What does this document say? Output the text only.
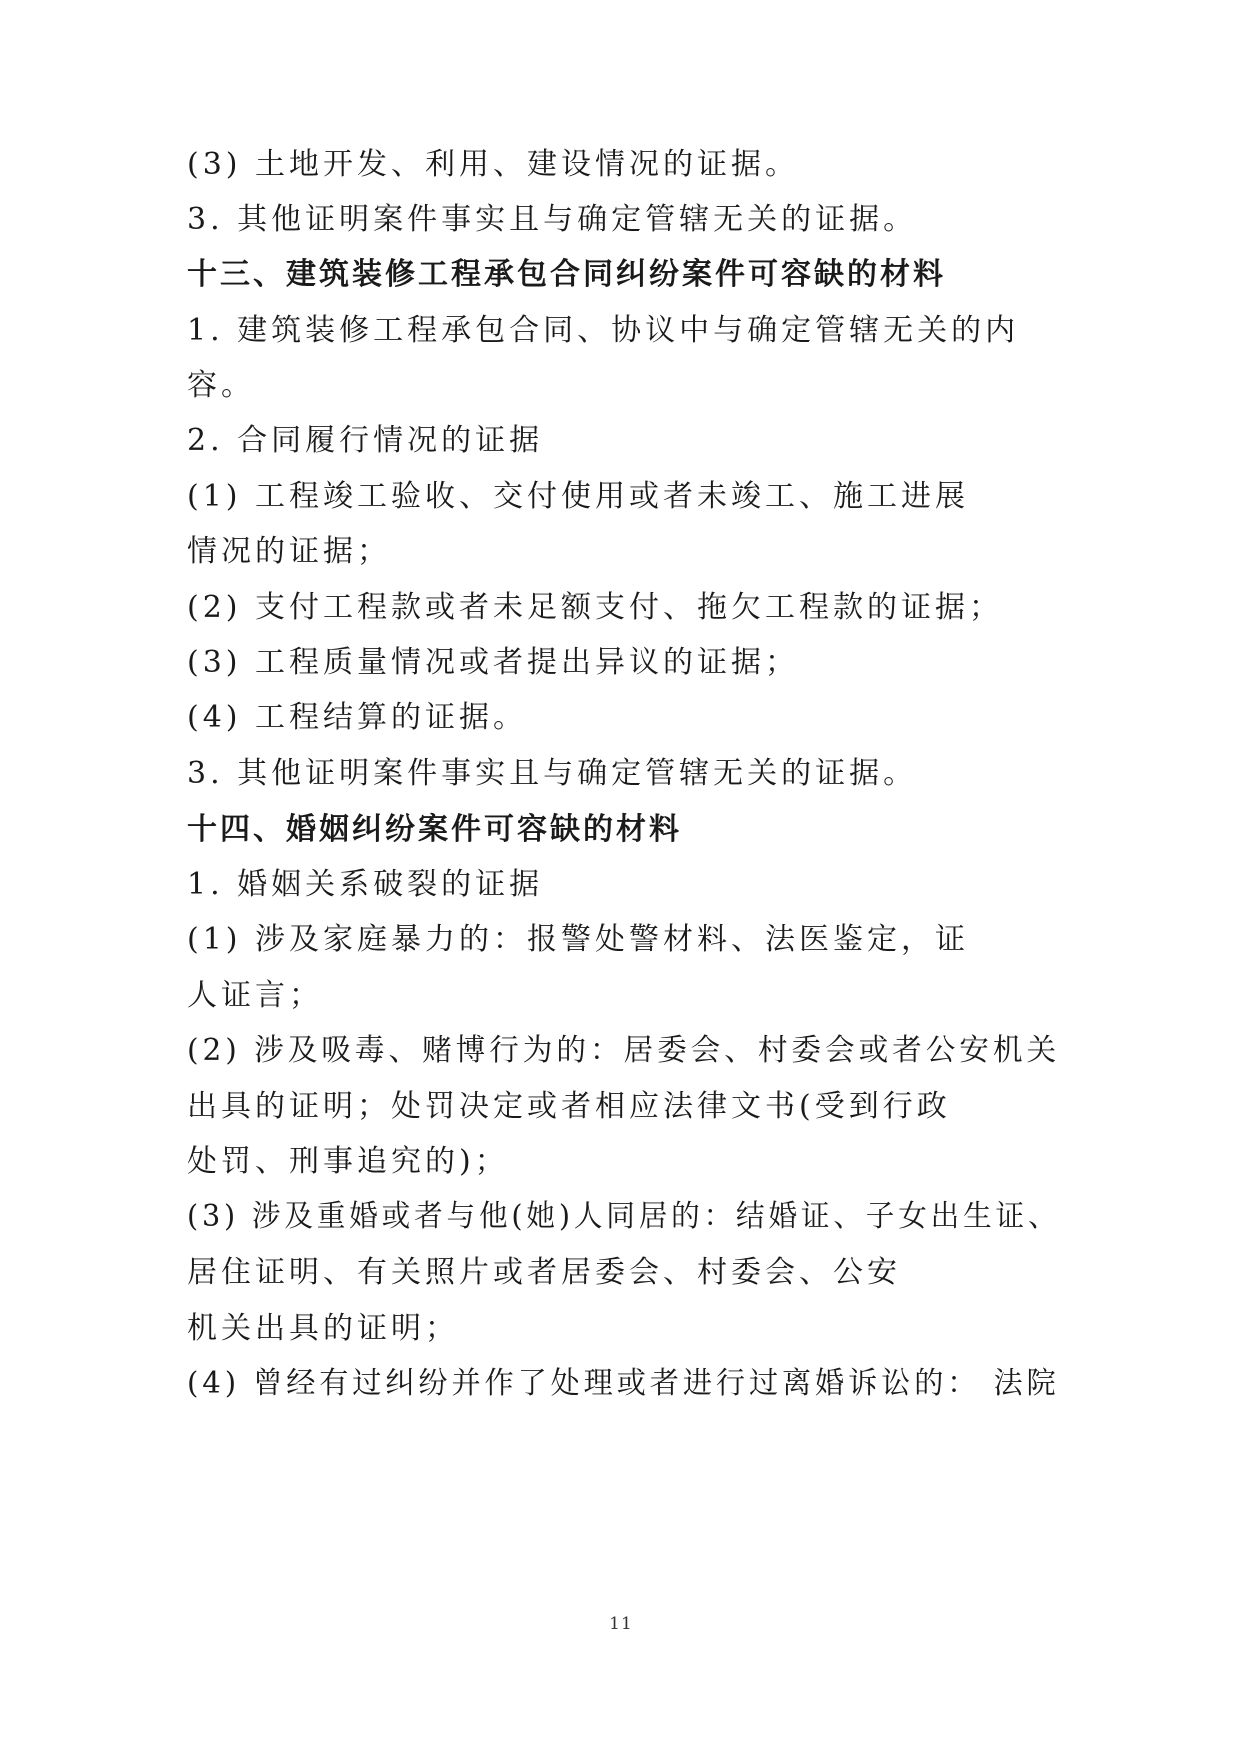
(3) 土地开发、利用、建设情况的证据。
3. 其他证明案件事实且与确定管辖无关的证据。
十三、建筑装修工程承包合同纠纷案件可容缺的材料
1. 建筑装修工程承包合同、协议中与确定管辖无关的内
容。
2. 合同履行情况的证据
(1) 工程竣工验收、交付使用或者未竣工、施工进展
情况的证据；
(2) 支付工程款或者未足额支付、拖欠工程款的证据；
(3) 工程质量情况或者提出异议的证据；
(4) 工程结算的证据。
3. 其他证明案件事实且与确定管辖无关的证据。
十四、婚姻纠纷案件可容缺的材料
1. 婚姻关系破裂的证据
(1) 涉及家庭暴力的：报警处警材料、法医鉴定，证
人证言；
(2) 涉及吸毒、赌博行为的：居委会、村委会或者公安机关
出具的证明；处罚决定或者相应法律文书(受到行政
处罚、刑事追究的)；
(3) 涉及重婚或者与他(她)人同居的：结婚证、子女出生证、
居住证明、有关照片或者居委会、村委会、公安
机关出具的证明；
(4) 曾经有过纠纷并作了处理或者进行过离婚诉讼的： 法院
11
